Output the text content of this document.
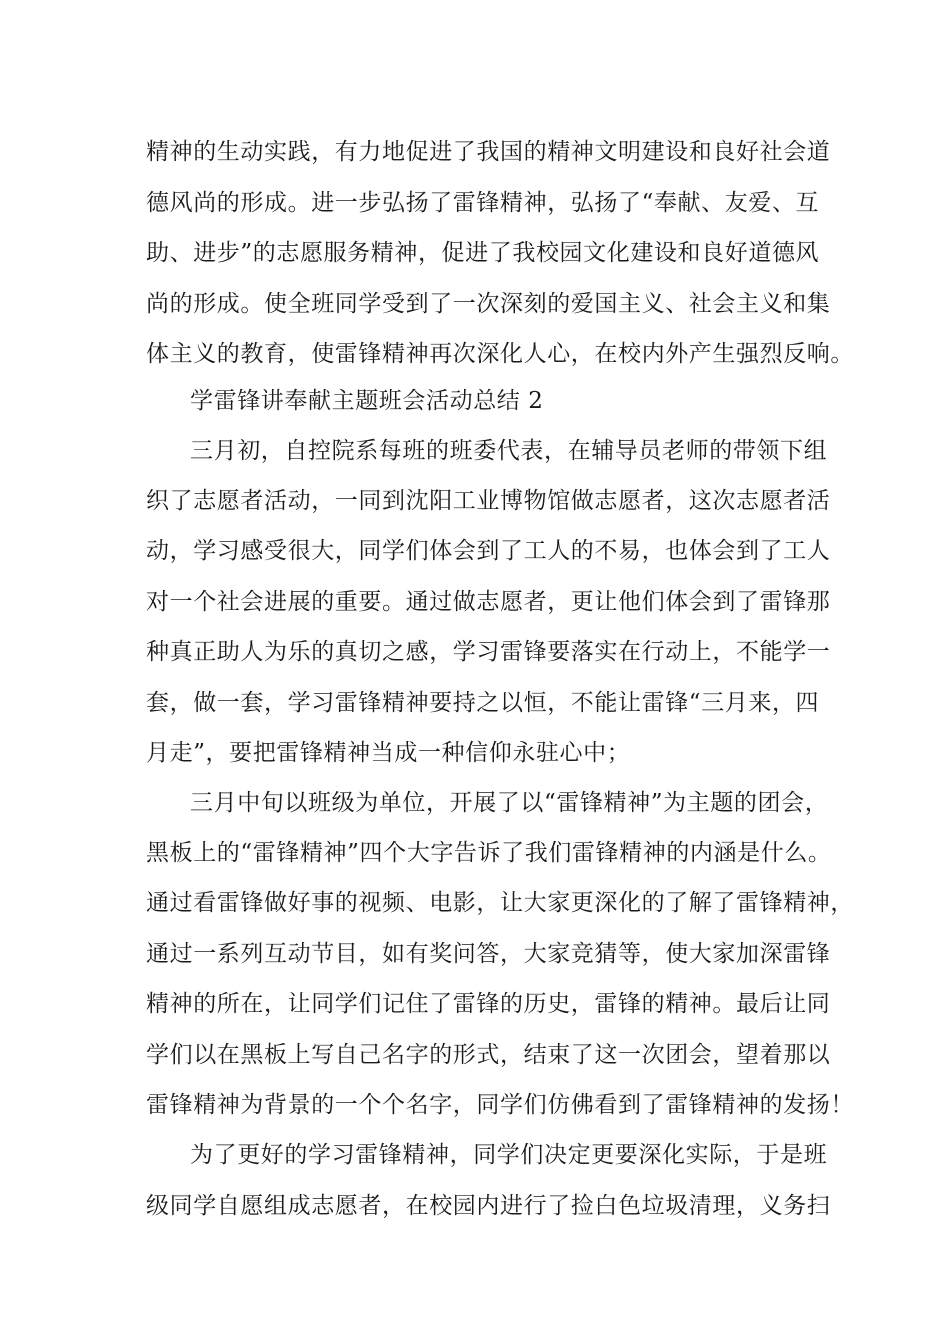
精神的生动实践，有力地促进了我国的精神文明建设和良好社会道
德风尚的形成。进一步弘扬了雷锋精神，弘扬了“奉献、友爱、互
助、进步”的志愿服务精神，促进了我校园文化建设和良好道德风
尚的形成。使全班同学受到了一次深刻的爱国主义、社会主义和集
体主义的教育，使雷锋精神再次深化人心，在校内外产生强烈反响。
学雷锋讲奉献主题班会活动总结 2
三月初，自控院系每班的班委代表，在辅导员老师的带领下组
织了志愿者活动，一同到沈阳工业博物馆做志愿者，这次志愿者活
动，学习感受很大，同学们体会到了工人的不易，也体会到了工人
对一个社会进展的重要。通过做志愿者，更让他们体会到了雷锋那
种真正助人为乐的真切之感，学习雷锋要落实在行动上，不能学一
套，做一套，学习雷锋精神要持之以恒，不能让雷锋“三月来，四
月走”，要把雷锋精神当成一种信仰永驻心中；
三月中旬以班级为单位，开展了以“雷锋精神”为主题的团会，
黑板上的“雷锋精神”四个大字告诉了我们雷锋精神的内涵是什么。
通过看雷锋做好事的视频、电影，让大家更深化的了解了雷锋精神，
通过一系列互动节目，如有奖问答，大家竞猜等，使大家加深雷锋
精神的所在，让同学们记住了雷锋的历史，雷锋的精神。最后让同
学们以在黑板上写自己名字的形式，结束了这一次团会，望着那以
雷锋精神为背景的一个个名字，同学们仿佛看到了雷锋精神的发扬！
为了更好的学习雷锋精神，同学们决定更要深化实际，于是班
级同学自愿组成志愿者，在校园内进行了捡白色垃圾清理，义务扫
